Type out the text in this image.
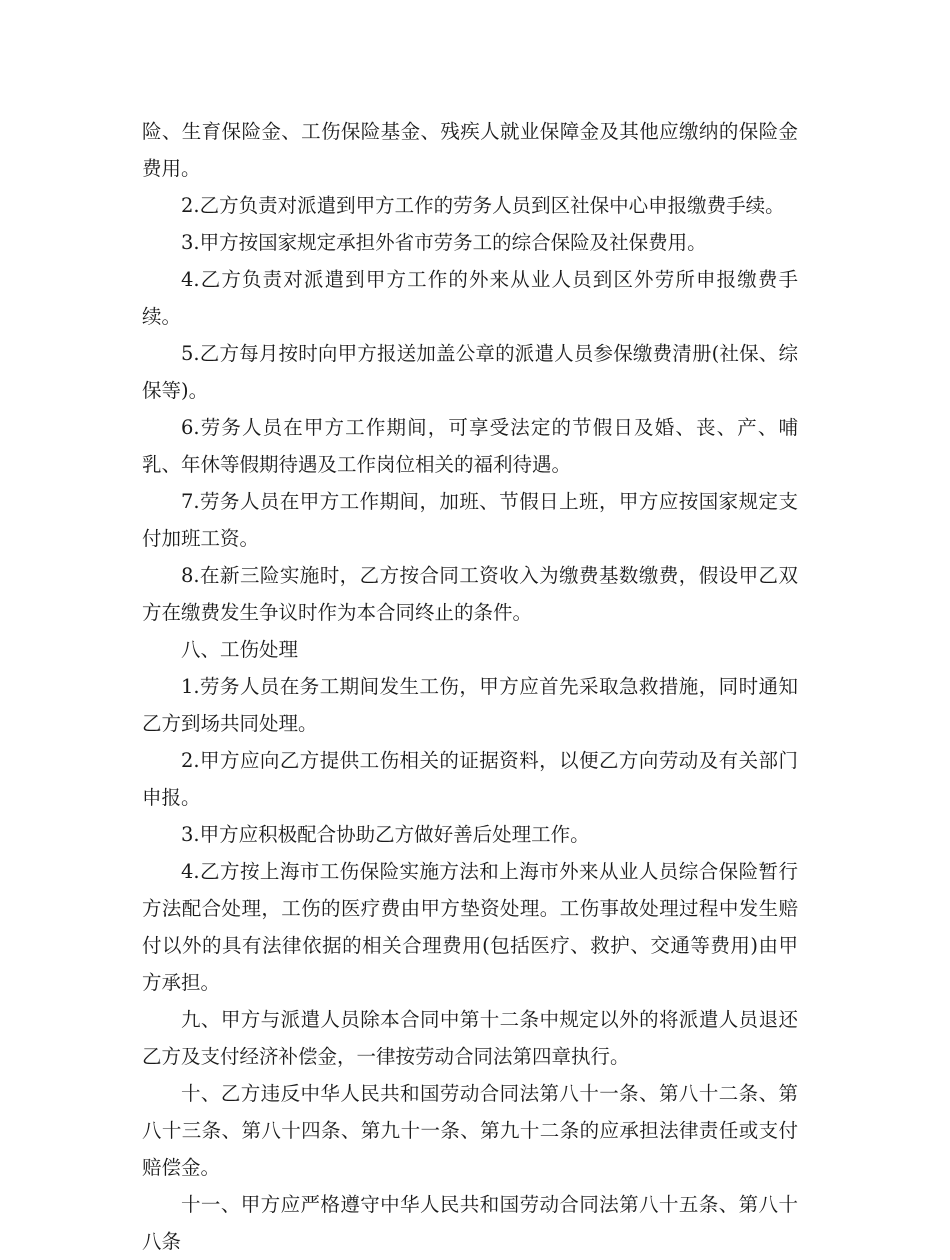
险、生育保险金、工伤保险基金、残疾人就业保障金及其他应缴纳的保险金费用。

2.乙方负责对派遣到甲方工作的劳务人员到区社保中心申报缴费手续。

3.甲方按国家规定承担外省市劳务工的综合保险及社保费用。

4.乙方负责对派遣到甲方工作的外来从业人员到区外劳所申报缴费手续。

5.乙方每月按时向甲方报送加盖公章的派遣人员参保缴费清册(社保、综保等)。

6.劳务人员在甲方工作期间，可享受法定的节假日及婚、丧、产、哺乳、年休等假期待遇及工作岗位相关的福利待遇。

7.劳务人员在甲方工作期间，加班、节假日上班，甲方应按国家规定支付加班工资。

8.在新三险实施时，乙方按合同工资收入为缴费基数缴费，假设甲乙双方在缴费发生争议时作为本合同终止的条件。

八、工伤处理

1.劳务人员在务工期间发生工伤，甲方应首先采取急救措施，同时通知乙方到场共同处理。

2.甲方应向乙方提供工伤相关的证据资料，以便乙方向劳动及有关部门申报。

3.甲方应积极配合协助乙方做好善后处理工作。

4.乙方按上海市工伤保险实施方法和上海市外来从业人员综合保险暂行方法配合处理，工伤的医疗费由甲方垫资处理。工伤事故处理过程中发生赔付以外的具有法律依据的相关合理费用(包括医疗、救护、交通等费用)由甲方承担。

九、甲方与派遣人员除本合同中第十二条中规定以外的将派遣人员退还乙方及支付经济补偿金，一律按劳动合同法第四章执行。

十、乙方违反中华人民共和国劳动合同法第八十一条、第八十二条、第八十三条、第八十四条、第九十一条、第九十二条的应承担法律责任或支付赔偿金。

十一、甲方应严格遵守中华人民共和国劳动合同法第八十五条、第八十八条
